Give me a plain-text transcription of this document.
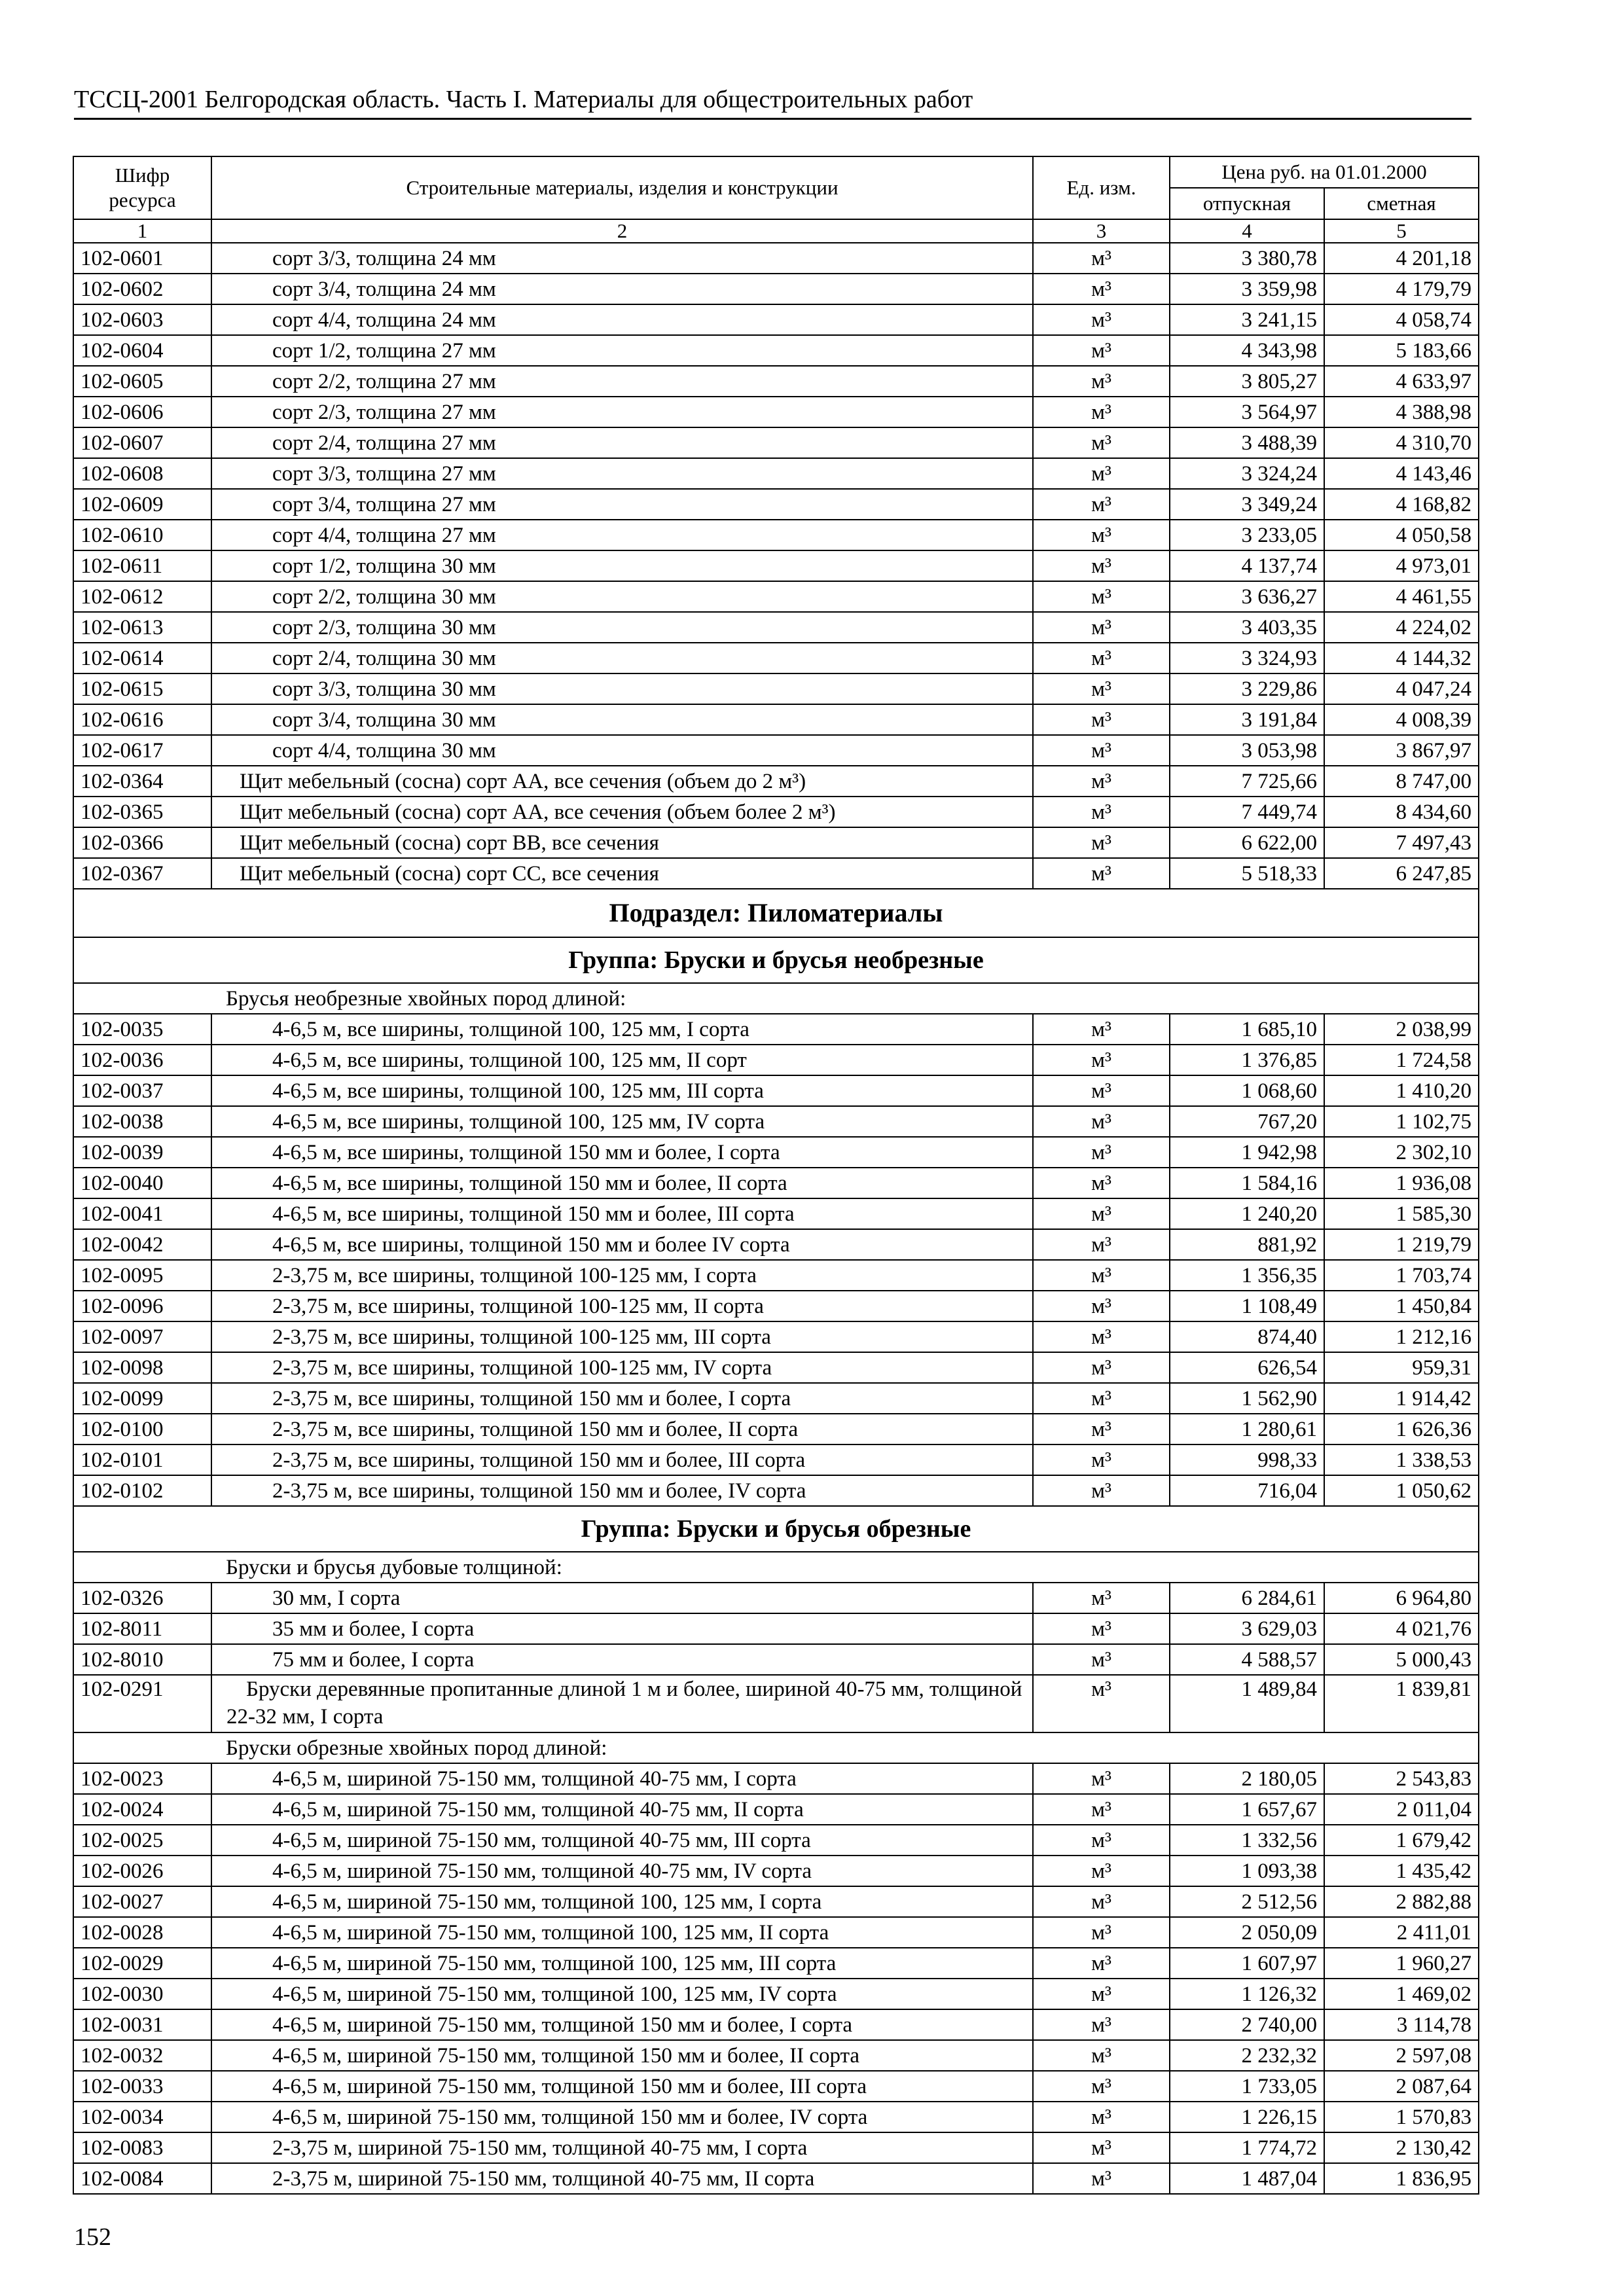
ТССЦ-2001 Белгородская область. Часть I. Материалы для общестроительных работ
Шифр ресурса	Строительные материалы, изделия и конструкции	Ед. изм.	Цена руб. на 01.01.2000	
			отпускная	сметная
1	2	3	4	5
102-0601	сорт 3/3, толщина 24 мм	м³	3 380,78	4 201,18
102-0602	сорт 3/4, толщина 24 мм	м³	3 359,98	4 179,79
102-0603	сорт 4/4, толщина 24 мм	м³	3 241,15	4 058,74
102-0604	сорт 1/2, толщина 27 мм	м³	4 343,98	5 183,66
102-0605	сорт 2/2, толщина 27 мм	м³	3 805,27	4 633,97
102-0606	сорт 2/3, толщина 27 мм	м³	3 564,97	4 388,98
102-0607	сорт 2/4, толщина 27 мм	м³	3 488,39	4 310,70
102-0608	сорт 3/3, толщина 27 мм	м³	3 324,24	4 143,46
102-0609	сорт 3/4, толщина 27 мм	м³	3 349,24	4 168,82
102-0610	сорт 4/4, толщина 27 мм	м³	3 233,05	4 050,58
102-0611	сорт 1/2, толщина 30 мм	м³	4 137,74	4 973,01
102-0612	сорт 2/2, толщина 30 мм	м³	3 636,27	4 461,55
102-0613	сорт 2/3, толщина 30 мм	м³	3 403,35	4 224,02
102-0614	сорт 2/4, толщина 30 мм	м³	3 324,93	4 144,32
102-0615	сорт 3/3, толщина 30 мм	м³	3 229,86	4 047,24
102-0616	сорт 3/4, толщина 30 мм	м³	3 191,84	4 008,39
102-0617	сорт 4/4, толщина 30 мм	м³	3 053,98	3 867,97
102-0364	Щит мебельный (сосна) сорт АА, все сечения (объем до 2 м³)	м³	7 725,66	8 747,00
102-0365	Щит мебельный (сосна) сорт АА, все сечения (объем более 2 м³)	м³	7 449,74	8 434,60
102-0366	Щит мебельный (сосна) сорт ВВ, все сечения	м³	6 622,00	7 497,43
102-0367	Щит мебельный (сосна) сорт СС, все сечения	м³	5 518,33	6 247,85
Подраздел: Пиломатериалы				
Группа: Бруски и брусья необрезные				
Брусья необрезные хвойных пород длиной:				
102-0035	4-6,5 м, все ширины, толщиной 100, 125 мм, I сорта	м³	1 685,10	2 038,99
102-0036	4-6,5 м, все ширины, толщиной 100, 125 мм, II сорт	м³	1 376,85	1 724,58
102-0037	4-6,5 м, все ширины, толщиной 100, 125 мм, III сорта	м³	1 068,60	1 410,20
102-0038	4-6,5 м, все ширины, толщиной 100, 125 мм, IV сорта	м³	767,20	1 102,75
102-0039	4-6,5 м, все ширины, толщиной 150 мм и более, I сорта	м³	1 942,98	2 302,10
102-0040	4-6,5 м, все ширины, толщиной 150 мм и более, II сорта	м³	1 584,16	1 936,08
102-0041	4-6,5 м, все ширины, толщиной 150 мм и более, III сорта	м³	1 240,20	1 585,30
102-0042	4-6,5 м, все ширины, толщиной 150 мм и более IV сорта	м³	881,92	1 219,79
102-0095	2-3,75 м, все ширины, толщиной 100-125 мм, I сорта	м³	1 356,35	1 703,74
102-0096	2-3,75 м, все ширины, толщиной 100-125 мм, II сорта	м³	1 108,49	1 450,84
102-0097	2-3,75 м, все ширины, толщиной 100-125 мм, III сорта	м³	874,40	1 212,16
102-0098	2-3,75 м, все ширины, толщиной 100-125 мм, IV сорта	м³	626,54	959,31
102-0099	2-3,75 м, все ширины, толщиной 150 мм и более, I сорта	м³	1 562,90	1 914,42
102-0100	2-3,75 м, все ширины, толщиной 150 мм и более, II сорта	м³	1 280,61	1 626,36
102-0101	2-3,75 м, все ширины, толщиной 150 мм и более, III сорта	м³	998,33	1 338,53
102-0102	2-3,75 м, все ширины, толщиной 150 мм и более, IV сорта	м³	716,04	1 050,62
Группа: Бруски и брусья обрезные				
Бруски и брусья дубовые толщиной:				
102-0326	30 мм, I сорта	м³	6 284,61	6 964,80
102-8011	35 мм и более, I сорта	м³	3 629,03	4 021,76
102-8010	75 мм и более, I сорта	м³	4 588,57	5 000,43
102-0291	Бруски деревянные пропитанные длиной 1 м и более, шириной 40-75 мм, толщиной 22-32 мм, I сорта	м³	1 489,84	1 839,81
Бруски обрезные хвойных пород длиной:				
102-0023	4-6,5 м, шириной 75-150 мм, толщиной 40-75 мм, I сорта	м³	2 180,05	2 543,83
102-0024	4-6,5 м, шириной 75-150 мм, толщиной 40-75 мм, II сорта	м³	1 657,67	2 011,04
102-0025	4-6,5 м, шириной 75-150 мм, толщиной 40-75 мм, III сорта	м³	1 332,56	1 679,42
102-0026	4-6,5 м, шириной 75-150 мм, толщиной 40-75 мм, IV сорта	м³	1 093,38	1 435,42
102-0027	4-6,5 м, шириной 75-150 мм, толщиной 100, 125 мм, I сорта	м³	2 512,56	2 882,88
102-0028	4-6,5 м, шириной 75-150 мм, толщиной 100, 125 мм, II сорта	м³	2 050,09	2 411,01
102-0029	4-6,5 м, шириной 75-150 мм, толщиной 100, 125 мм, III сорта	м³	1 607,97	1 960,27
102-0030	4-6,5 м, шириной 75-150 мм, толщиной 100, 125 мм, IV сорта	м³	1 126,32	1 469,02
102-0031	4-6,5 м, шириной 75-150 мм, толщиной 150 мм и более, I сорта	м³	2 740,00	3 114,78
102-0032	4-6,5 м, шириной 75-150 мм, толщиной 150 мм и более, II сорта	м³	2 232,32	2 597,08
102-0033	4-6,5 м, шириной 75-150 мм, толщиной 150 мм и более, III сорта	м³	1 733,05	2 087,64
102-0034	4-6,5 м, шириной 75-150 мм, толщиной 150 мм и более, IV сорта	м³	1 226,15	1 570,83
102-0083	2-3,75 м, шириной 75-150 мм, толщиной 40-75 мм, I сорта	м³	1 774,72	2 130,42
102-0084	2-3,75 м, шириной 75-150 мм, толщиной 40-75 мм, II сорта	м³	1 487,04	1 836,95
152
